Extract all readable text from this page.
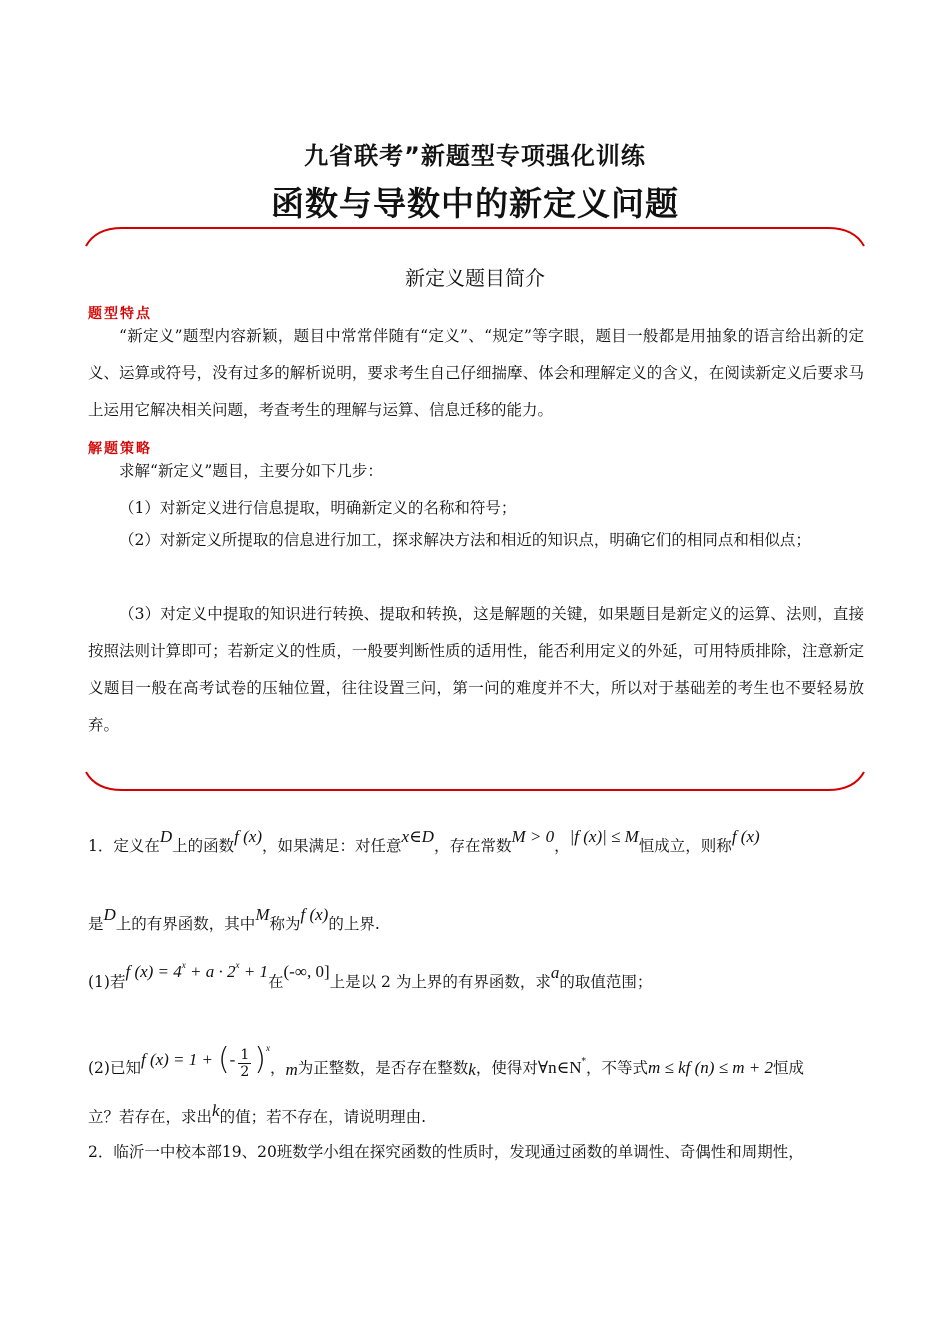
九省联考”新题型专项强化训练
函数与导数中的新定义问题
新定义题目简介
题型特点
“新定义”题型内容新颖，题目中常常伴随有“定义”、“规定”等字眼，题目一般都是用抽象的语言给出新的定义、运算或符号，没有过多的解析说明，要求考生自己仔细揣摩、体会和理解定义的含义，在阅读新定义后要求马上运用它解决相关问题，考查考生的理解与运算、信息迁移的能力。
解题策略
求解“新定义”题目，主要分如下几步：
（1）对新定义进行信息提取，明确新定义的名称和符号；
（2）对新定义所提取的信息进行加工，探求解决方法和相近的知识点，明确它们的相同点和相似点；
（3）对定义中提取的知识进行转换、提取和转换，这是解题的关键，如果题目是新定义的运算、法则，直接按照法则计算即可；若新定义的性质，一般要判断性质的适用性，能否利用定义的外延，可用特质排除，注意新定义题目一般在高考试卷的压轴位置，往往设置三问，第一问的难度并不大，所以对于基础差的考生也不要轻易放弃。
1．定义在D上的函数f (x)，如果满足：对任意x∈D，存在常数M > 0，|f (x)| ≤ M恒成立，则称f (x)
是D上的有界函数，其中M称为f (x)的上界.
(1)若f $(x) = 4^x + a \cdot 2^x + 1$在(-∞, 0]上是以 2 为上界的有界函数，求a的取值范围；
(2)已知f (x) = 1 + (- $\frac{1}{2} )^x$，m为正整数，是否存在整数k，使得对∀n∈N*，不等式m ≤ kf (n) ≤ m + 2恒成
立？若存在，求出k的值；若不存在，请说明理由.
2．临沂一中校本部19、20班数学小组在探究函数的性质时，发现通过函数的单调性、奇偶性和周期性，
